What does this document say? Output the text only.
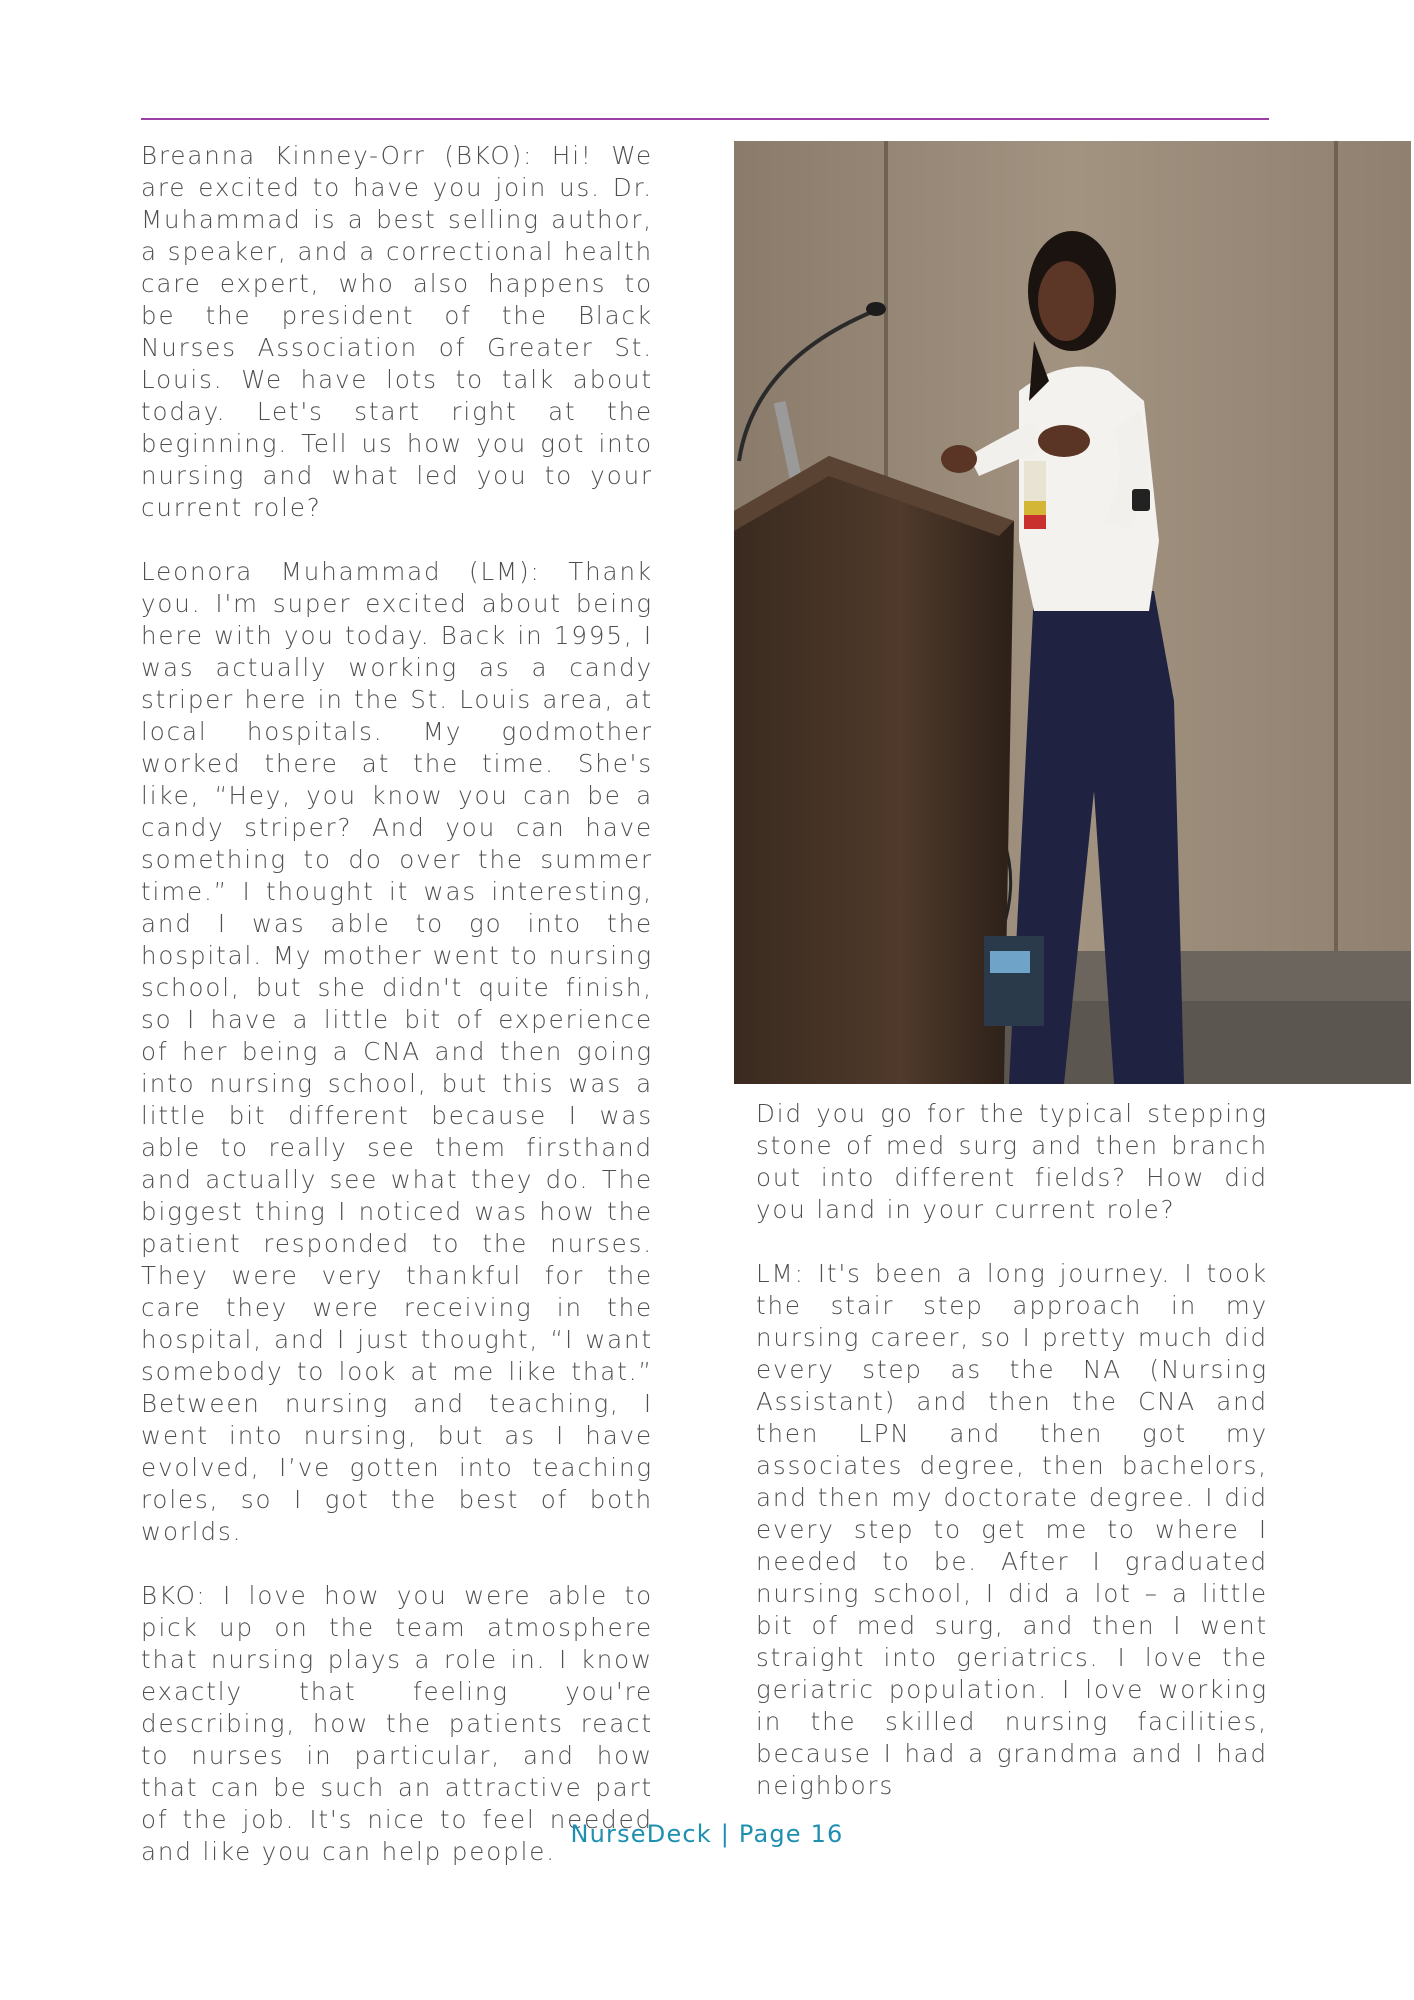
Breanna Kinney-Orr (BKO): Hi! We are excited to have you join us. Dr. Muhammad is a best selling author, a speaker, and a correctional health care expert, who also happens to be the president of the Black Nurses Association of Greater St. Louis. We have lots to talk about today. Let's start right at the beginning. Tell us how you got into nursing and what led you to your current role?

Leonora Muhammad (LM): Thank you. I'm super excited about being here with you today. Back in 1995, I was actually working as a candy striper here in the St. Louis area, at local hospitals. My godmother worked there at the time. She's like, “Hey, you know you can be a candy striper? And you can have something to do over the summer time.” I thought it was interesting, and I was able to go into the hospital. My mother went to nursing school, but she didn't quite finish, so I have a little bit of experience of her being a CNA and then going into nursing school, but this was a little bit different because I was able to really see them firsthand and actually see what they do. The biggest thing I noticed was how the patient responded to the nurses. They were very thankful for the care they were receiving in the hospital, and I just thought, “I want somebody to look at me like that.” Between nursing and teaching, I went into nursing, but as I have evolved, I’ve gotten into teaching roles, so I got the best of both worlds.

BKO: I love how you were able to pick up on the team atmosphere that nursing plays a role in. I know exactly that feeling you're describing, how the patients react to nurses in particular, and how that can be such an attractive part of the job. It's nice to feel needed and like you can help people.

Did you go for the typical stepping stone of med surg and then branch out into different fields? How did you land in your current role?

LM: It's been a long journey. I took the stair step approach in my nursing career, so I pretty much did every step as the NA (Nursing Assistant) and then the CNA and then LPN and then got my associates degree, then bachelors, and then my doctorate degree. I did every step to get me to where I needed to be. After I graduated nursing school, I did a lot – a little bit of med surg, and then I went straight into geriatrics. I love the geriatric population. I love working in the skilled nursing facilities, because I had a grandma and I had neighbors

NurseDeck | Page 16
